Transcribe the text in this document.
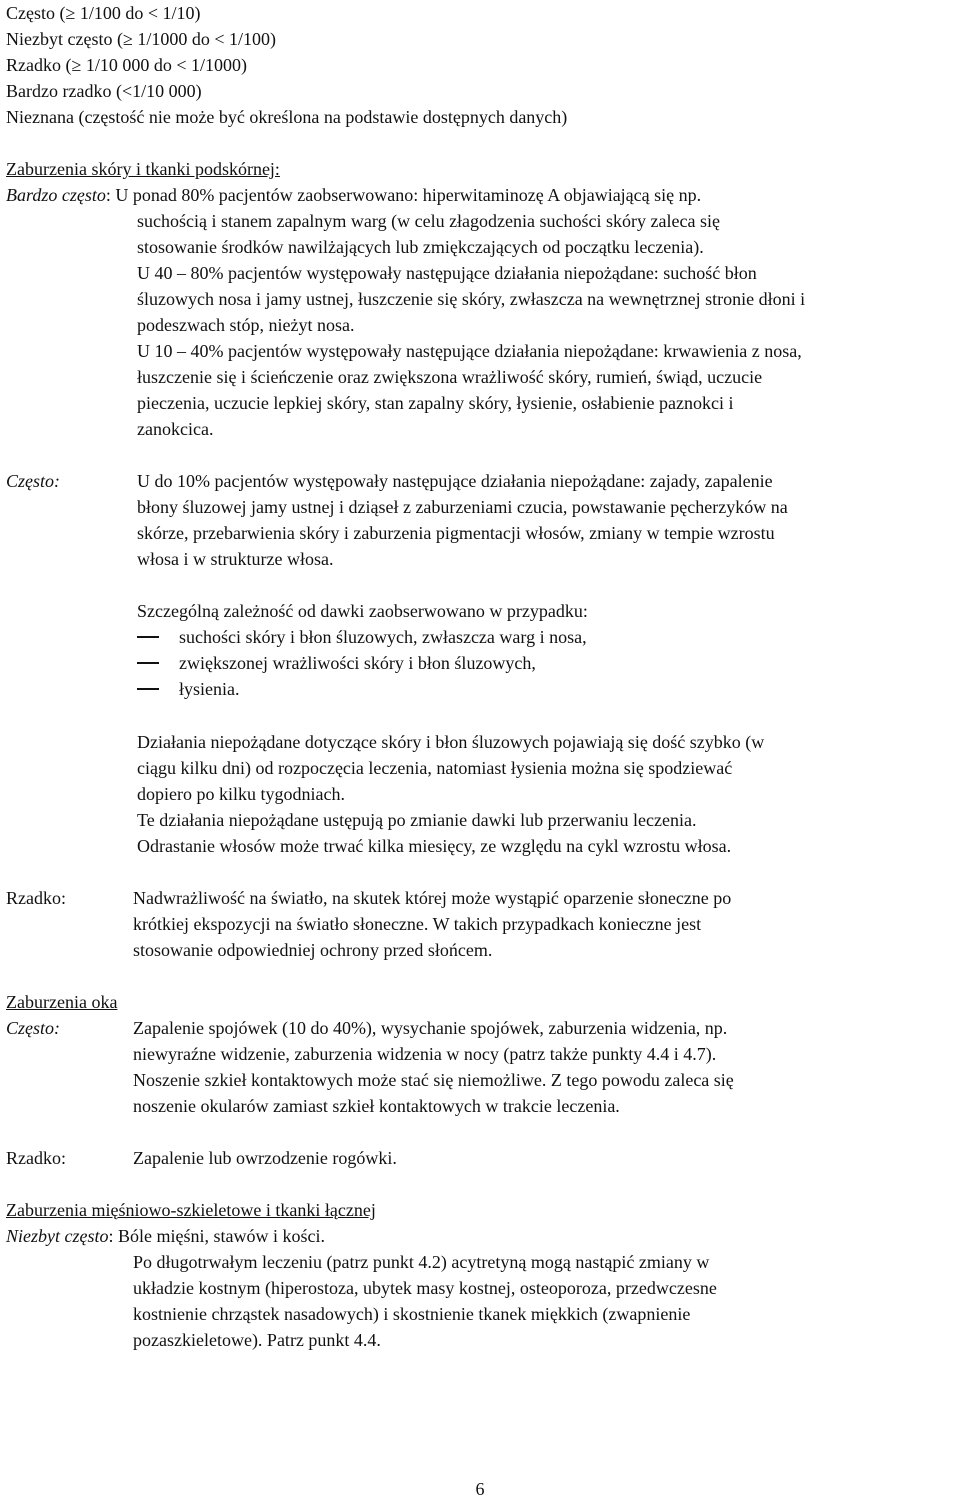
Często (≥ 1/100 do < 1/10)
Niezbyt często (≥ 1/1000 do < 1/100)
Rzadko (≥ 1/10 000 do < 1/1000)
Bardzo rzadko (<1/10 000)
Nieznana (częstość nie może być określona na podstawie dostępnych danych)
Zaburzenia skóry i tkanki podskórnej:
Bardzo często: U ponad 80% pacjentów zaobserwowano: hiperwitaminozę A objawiającą się np.
suchością i stanem zapalnym warg (w celu złagodzenia suchości skóry zaleca się
stosowanie środków nawilżających lub zmiękczających od początku leczenia).
U 40 – 80% pacjentów występowały następujące działania niepożądane: suchość błon
śluzowych nosa i jamy ustnej, łuszczenie się skóry, zwłaszcza na wewnętrznej stronie dłoni i
podeszwach stóp, nieżyt nosa.
U 10 – 40% pacjentów występowały następujące działania niepożądane: krwawienia z nosa,
łuszczenie się i ścieńczenie oraz zwiększona wrażliwość skóry, rumień, świąd, uczucie
pieczenia, uczucie lepkiej skóry, stan zapalny skóry, łysienie, osłabienie paznokci i
zanokcica.
Często:	U do 10% pacjentów występowały następujące działania niepożądane: zajady, zapalenie
błony śluzowej jamy ustnej i dziąseł z zaburzeniami czucia, powstawanie pęcherzyków na
skórze, przebarwienia skóry i zaburzenia pigmentacji włosów, zmiany w tempie wzrostu
włosa i w strukturze włosa.
Szczególną zależność od dawki zaobserwowano w przypadku:
suchości skóry i błon śluzowych, zwłaszcza warg i nosa,
zwiększonej wrażliwości skóry i błon śluzowych,
łysienia.
Działania niepożądane dotyczące skóry i błon śluzowych pojawiają się dość szybko (w
ciągu kilku dni) od rozpoczęcia leczenia, natomiast łysienia można się spodziewać
dopiero po kilku tygodniach.
Te działania niepożądane ustępują po zmianie dawki lub przerwaniu leczenia.
Odrastanie włosów może trwać kilka miesięcy, ze względu na cykl wzrostu włosa.
Rzadko:	Nadwrażliwość na światło, na skutek której może wystąpić oparzenie słoneczne po
krótkiej ekspozycji na światło słoneczne. W takich przypadkach konieczne jest
stosowanie odpowiedniej ochrony przed słońcem.
Zaburzenia oka
Często:	Zapalenie spojówek (10 do 40%), wysychanie spojówek, zaburzenia widzenia, np.
niewyraźne widzenie, zaburzenia widzenia w nocy (patrz także punkty 4.4 i 4.7).
Noszenie szkieł kontaktowych może stać się niemożliwe. Z tego powodu zaleca się
noszenie okularów zamiast szkieł kontaktowych w trakcie leczenia.
Rzadko:	Zapalenie lub owrzodzenie rogówki.
Zaburzenia mięśniowo-szkieletowe i tkanki łącznej
Niezbyt często: Bóle mięśni, stawów i kości.
Po długotrwałym leczeniu (patrz punkt 4.2) acytretyną mogą nastąpić zmiany w
układzie kostnym (hiperostoza, ubytek masy kostnej, osteoporoza, przedwczesne
kostnienie chrząstek nasadowych) i skostnienie tkanek miękkich (zwapnienie
pozaszkieletowe). Patrz punkt 4.4.
6
